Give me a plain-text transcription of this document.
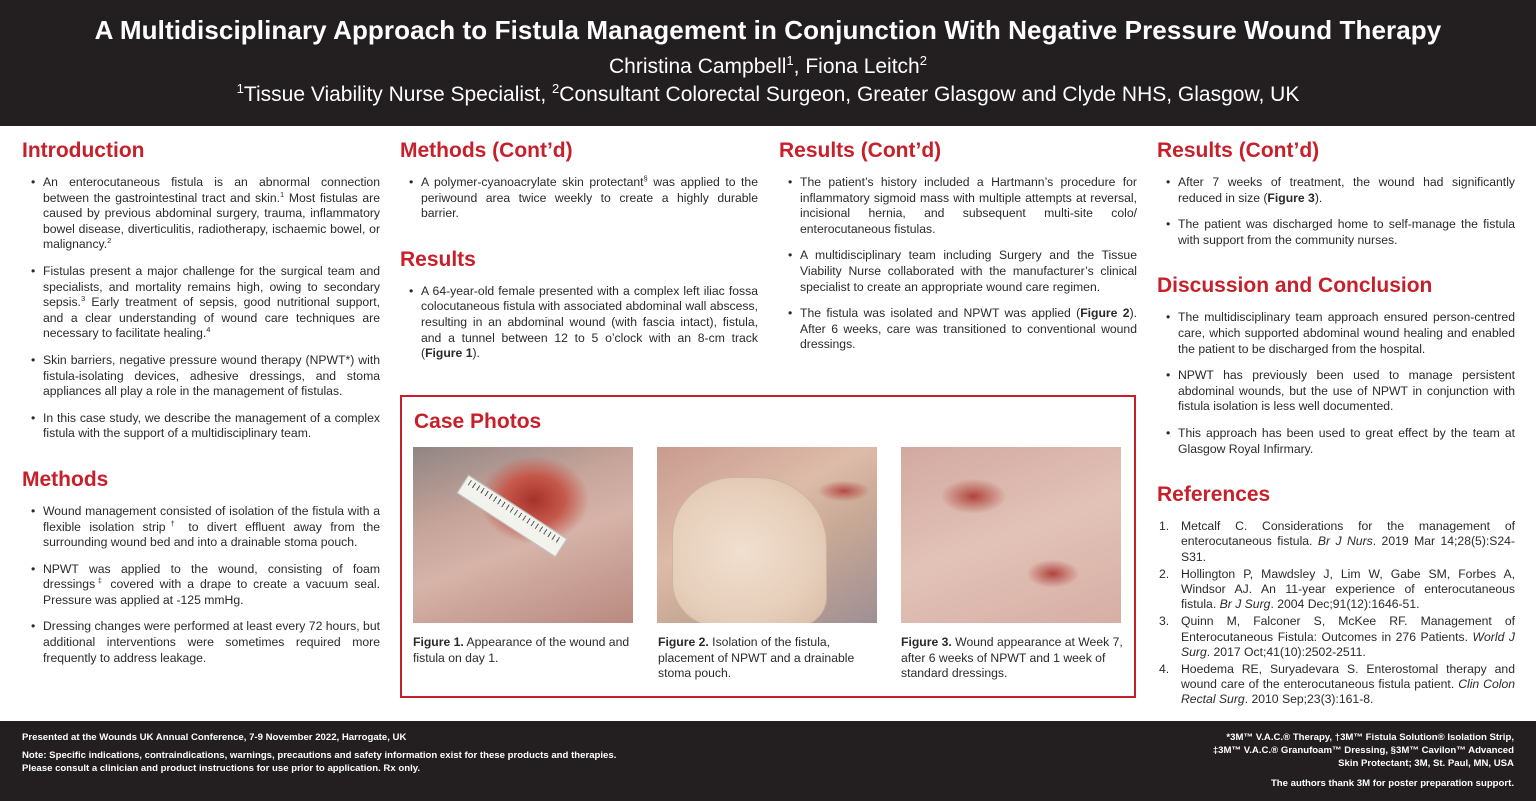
A Multidisciplinary Approach to Fistula Management in Conjunction With Negative Pressure Wound Therapy
Christina Campbell$^1$, Fiona Leitch$^2$
$^1$Tissue Viability Nurse Specialist, $^2$Consultant Colorectal Surgeon, Greater Glasgow and Clyde NHS, Glasgow, UK
Introduction
• An enterocutaneous fistula is an abnormal connection between the gastrointestinal tract and skin.$^1$ Most fistulas are caused by previous abdominal surgery, trauma, inflammatory bowel disease, diverticulitis, radiotherapy, ischaemic bowel, or malignancy.$^2$
• Fistulas present a major challenge for the surgical team and specialists, and mortality remains high, owing to secondary sepsis.$^3$ Early treatment of sepsis, good nutritional support, and a clear understanding of wound care techniques are necessary to facilitate healing.$^4$
• Skin barriers, negative pressure wound therapy (NPWT*) with fistula-isolating devices, adhesive dressings, and stoma appliances all play a role in the management of fistulas.
• In this case study, we describe the management of a complex fistula with the support of a multidisciplinary team.
Methods
• Wound management consisted of isolation of the fistula with a flexible isolation strip† to divert effluent away from the surrounding wound bed and into a drainable stoma pouch.
• NPWT was applied to the wound, consisting of foam dressings‡ covered with a drape to create a vacuum seal. Pressure was applied at -125 mmHg.
• Dressing changes were performed at least every 72 hours, but additional interventions were sometimes required more frequently to address leakage.
Methods (Cont’d)
• A polymer-cyanoacrylate skin protectant§ was applied to the periwound area twice weekly to create a highly durable barrier.
Results
• A 64-year-old female presented with a complex left iliac fossa colocutaneous fistula with associated abdominal wall abscess, resulting in an abdominal wound (with fascia intact), fistula, and a tunnel between 12 to 5 o’clock with an 8-cm track (Figure 1).
Results (Cont’d)
• The patient’s history included a Hartmann’s procedure for inflammatory sigmoid mass with multiple attempts at reversal, incisional hernia, and subsequent multi-site colo/ enterocutaneous fistulas.
• A multidisciplinary team including Surgery and the Tissue Viability Nurse collaborated with the manufacturer’s clinical specialist to create an appropriate wound care regimen.
• The fistula was isolated and NPWT was applied (Figure 2). After 6 weeks, care was transitioned to conventional wound dressings.
Results (Cont’d)
• After 7 weeks of treatment, the wound had significantly reduced in size (Figure 3).
• The patient was discharged home to self-manage the fistula with support from the community nurses.
Discussion and Conclusion
• The multidisciplinary team approach ensured person-centred care, which supported abdominal wound healing and enabled the patient to be discharged from the hospital.
• NPWT has previously been used to manage persistent abdominal wounds, but the use of NPWT in conjunction with fistula isolation is less well documented.
• This approach has been used to great effect by the team at Glasgow Royal Infirmary.
References
1. Metcalf C. Considerations for the management of enterocutaneous fistula. Br J Nurs. 2019 Mar 14;28(5):S24-S31.
2. Hollington P, Mawdsley J, Lim W, Gabe SM, Forbes A, Windsor AJ. An 11-year experience of enterocutaneous fistula. Br J Surg. 2004 Dec;91(12):1646-51.
3. Quinn M, Falconer S, McKee RF. Management of Enterocutaneous Fistula: Outcomes in 276 Patients. World J Surg. 2017 Oct;41(10):2502-2511.
4. Hoedema RE, Suryadevara S. Enterostomal therapy and wound care of the enterocutaneous fistula patient. Clin Colon Rectal Surg. 2010 Sep;23(3):161-8.
Case Photos
Figure 1. Appearance of the wound and fistula on day 1.
Figure 2. Isolation of the fistula, placement of NPWT and a drainable stoma pouch.
Figure 3. Wound appearance at Week 7, after 6 weeks of NPWT and 1 week of standard dressings.

Presented at the Wounds UK Annual Conference, 7-9 November 2022, Harrogate, UK

Note: Specific indications, contraindications, warnings, precautions and safety information exist for these products and therapies.
Please consult a clinician and product instructions for use prior to application. Rx only.
*3M™ V.A.C.® Therapy, †3M™ Fistula Solution® Isolation Strip,
‡3M™ V.A.C.® Granufoam™ Dressing, §3M™ Cavilon™ Advanced
Skin Protectant; 3M, St. Paul, MN, USA
The authors thank 3M for poster preparation support.
